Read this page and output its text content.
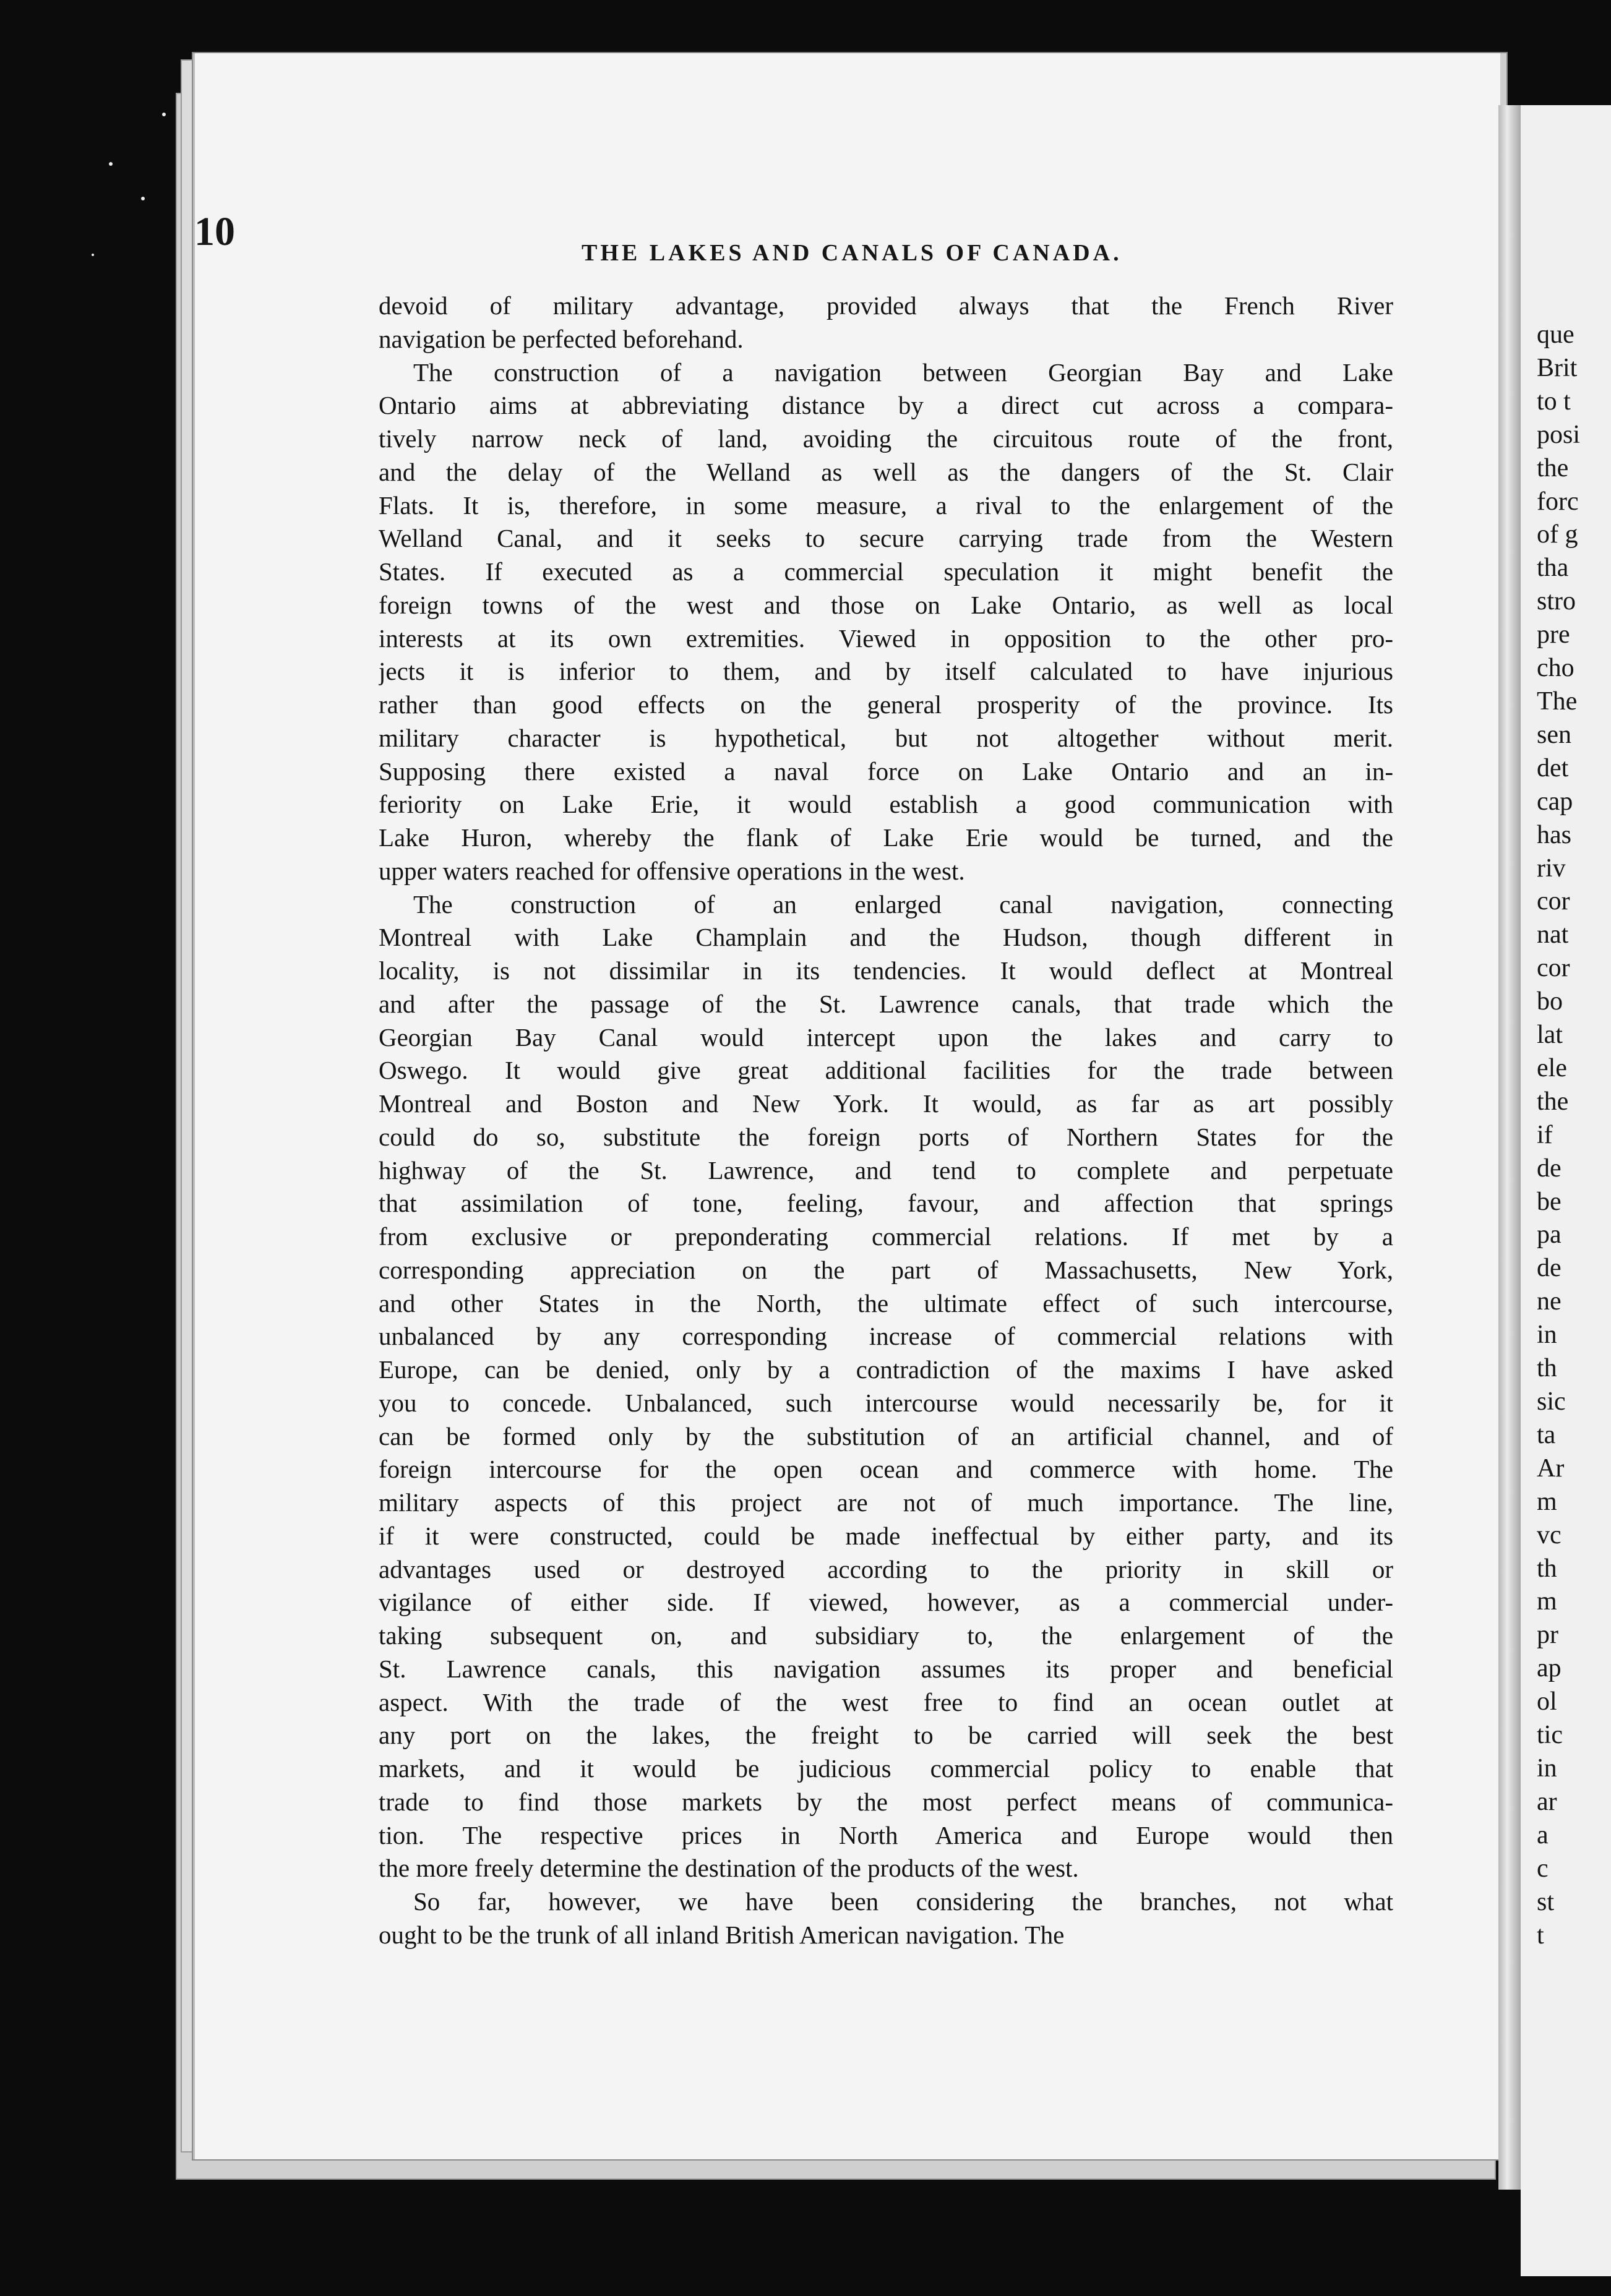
que
Brit
to t
posi
the
forc
of g
tha
stro
pre
cho
The
sen
det
cap
has
riv
cor
nat
cor
bo
lat
ele
the
if
de
be
pa
de
ne
in
th
sic
ta
Ar
m
vc
th
m
pr
ap
ol
tic
in
ar
a
c
st
t
10	THE LAKES AND CANALS OF CANADA.
devoid of military advantage, provided always that the French River
navigation be perfected beforehand.
The construction of a navigation between Georgian Bay and Lake
Ontario aims at abbreviating distance by a direct cut across a compara-
tively narrow neck of land, avoiding the circuitous route of the front,
and the delay of the Welland as well as the dangers of the St. Clair
Flats. It is, therefore, in some measure, a rival to the enlargement of the
Welland Canal, and it seeks to secure carrying trade from the Western
States. If executed as a commercial speculation it might benefit the
foreign towns of the west and those on Lake Ontario, as well as local
interests at its own extremities. Viewed in opposition to the other pro-
jects it is inferior to them, and by itself calculated to have injurious
rather than good effects on the general prosperity of the province. Its
military character is hypothetical, but not altogether without merit.
Supposing there existed a naval force on Lake Ontario and an in-
feriority on Lake Erie, it would establish a good communication with
Lake Huron, whereby the flank of Lake Erie would be turned, and the
upper waters reached for offensive operations in the west.
The construction of an enlarged canal navigation, connecting
Montreal with Lake Champlain and the Hudson, though different in
locality, is not dissimilar in its tendencies. It would deflect at Montreal
and after the passage of the St. Lawrence canals, that trade which the
Georgian Bay Canal would intercept upon the lakes and carry to
Oswego. It would give great additional facilities for the trade between
Montreal and Boston and New York. It would, as far as art possibly
could do so, substitute the foreign ports of Northern States for the
highway of the St. Lawrence, and tend to complete and perpetuate
that assimilation of tone, feeling, favour, and affection that springs
from exclusive or preponderating commercial relations. If met by a
corresponding appreciation on the part of Massachusetts, New York,
and other States in the North, the ultimate effect of such intercourse,
unbalanced by any corresponding increase of commercial relations with
Europe, can be denied, only by a contradiction of the maxims I have asked
you to concede. Unbalanced, such intercourse would necessarily be, for it
can be formed only by the substitution of an artificial channel, and of
foreign intercourse for the open ocean and commerce with home. The
military aspects of this project are not of much importance. The line,
if it were constructed, could be made ineffectual by either party, and its
advantages used or destroyed according to the priority in skill or
vigilance of either side. If viewed, however, as a commercial under-
taking subsequent on, and subsidiary to, the enlargement of the
St. Lawrence canals, this navigation assumes its proper and beneficial
aspect. With the trade of the west free to find an ocean outlet at
any port on the lakes, the freight to be carried will seek the best
markets, and it would be judicious commercial policy to enable that
trade to find those markets by the most perfect means of communica-
tion. The respective prices in North America and Europe would then
the more freely determine the destination of the products of the west.
So far, however, we have been considering the branches, not what
ought to be the trunk of all inland British American navigation. The
